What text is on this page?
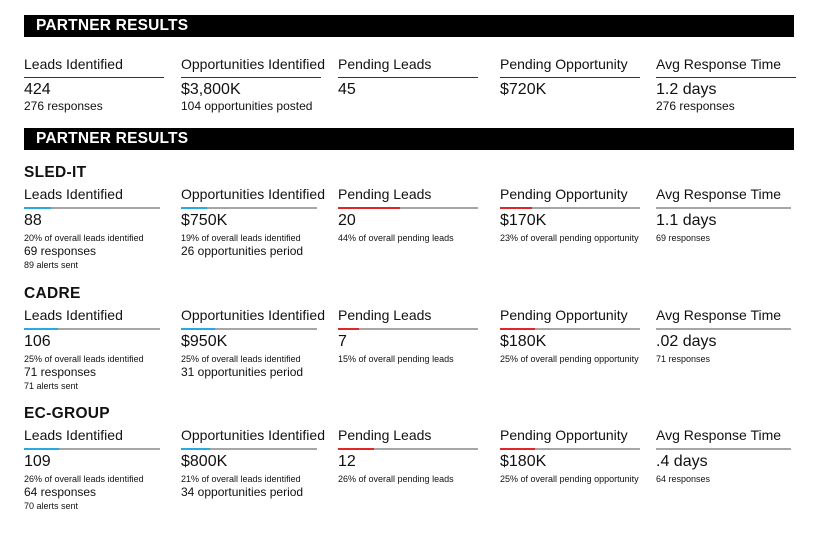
PARTNER RESULTS
Leads Identified
424
276 responses
Opportunities Identified
$3,800K
104 opportunities posted
Pending Leads
45
Pending Opportunity
$720K
Avg Response Time
1.2 days
276 responses
PARTNER RESULTS
SLED-IT
Leads Identified
88
20% of overall leads identified
69 responses
89 alerts sent
Opportunities Identified
$750K
19% of overall leads identified
26 opportunities period
Pending Leads
20
44% of overall pending leads
Pending Opportunity
$170K
23% of overall pending opportunity
Avg Response Time
1.1 days
69 responses
CADRE
Leads Identified
106
25% of overall leads identified
71 responses
71 alerts sent
Opportunities Identified
$950K
25% of overall leads identified
31 opportunities period
Pending Leads
7
15% of overall pending leads
Pending Opportunity
$180K
25% of overall pending opportunity
Avg Response Time
.02 days
71 responses
EC-GROUP
Leads Identified
109
26% of overall leads identified
64 responses
70 alerts sent
Opportunities Identified
$800K
21% of overall leads identified
34 opportunities period
Pending Leads
12
26% of overall pending leads
Pending Opportunity
$180K
25% of overall pending opportunity
Avg Response Time
.4 days
64 responses
